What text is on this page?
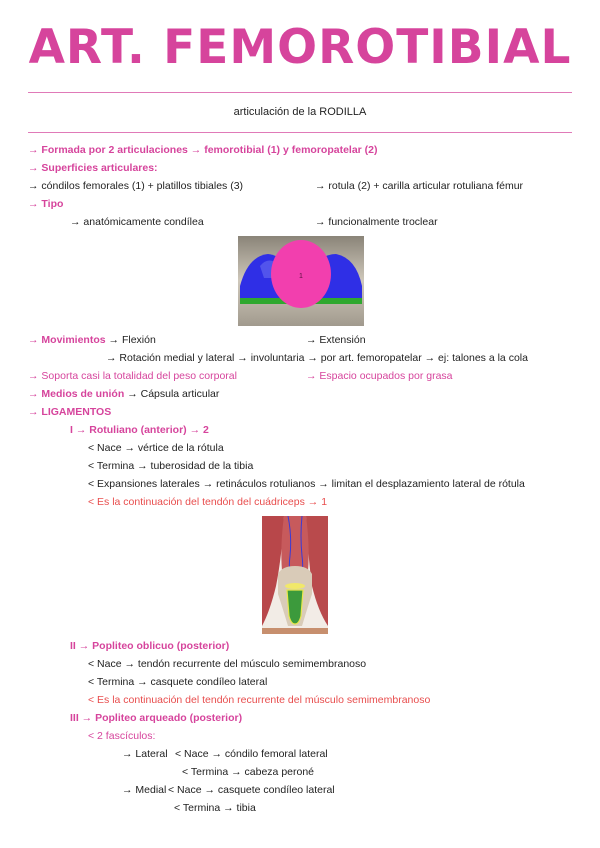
ART. FEMOROTIBIAL
articulación de la RODILLA
→ Formada por 2 articulaciones → femorotibial (1) y femoropatelar (2)
→ Superficies articulares:
→ cóndilos femorales (1) + platillos tibiales (3)	→ rotula (2) + carilla articular rotuliana fémur
→ Tipo
→ anatómicamente condílea	→ funcionalmente troclear
1
→ Movimientos → Flexión	→ Extensión
→ Rotación medial y lateral → involuntaria → por art. femoropatelar → ej: talones a la cola
→ Soporta casi la totalidad del peso corporal	→ Espacio ocupados por grasa
→ Medios de unión → Cápsula articular
→ LIGAMENTOS
I → Rotuliano (anterior) → 2
< Nace → vértice de la rótula
< Termina → tuberosidad de la tibia
< Expansiones laterales → retináculos rotulianos → limitan el desplazamiento lateral de rótula
< Es la continuación del tendón del cuádriceps → 1
II → Popliteo oblicuo (posterior)
< Nace → tendón recurrente del músculo semimembranoso
< Termina → casquete condíleo lateral
< Es la continuación del tendón recurrente del músculo semimembranoso
III → Popliteo arqueado (posterior)
< 2 fascículos:
→ Lateral < Nace → cóndilo femoral lateral
< Termina → cabeza peroné
→ Medial < Nace → casquete condíleo lateral
< Termina → tibia
